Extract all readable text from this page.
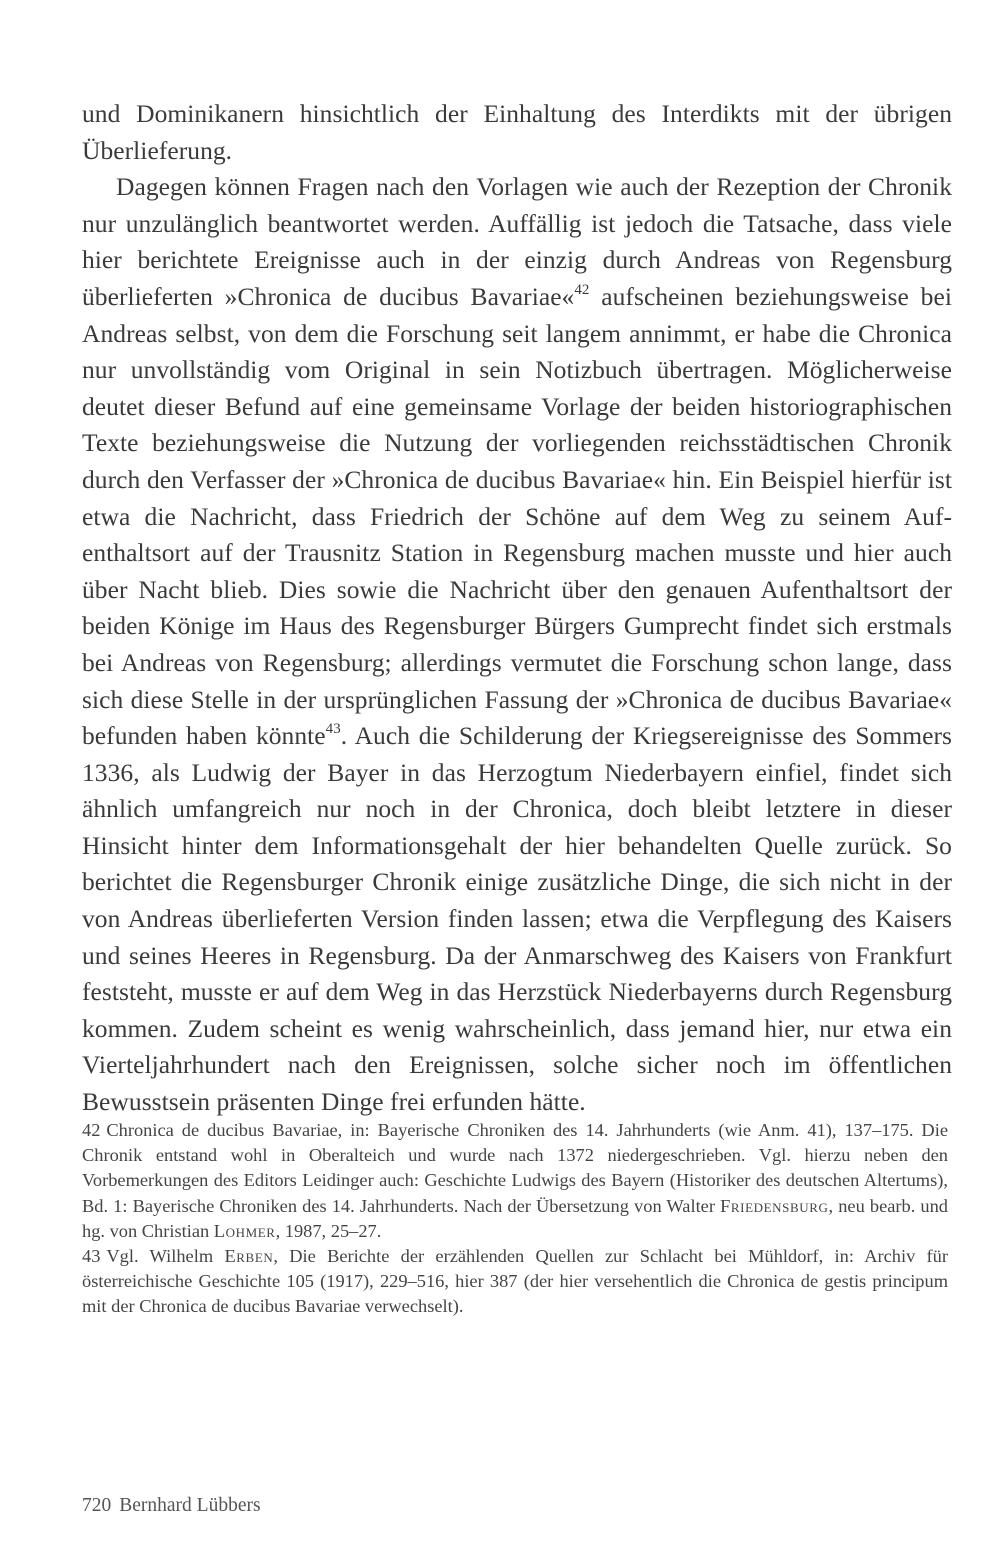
und Dominikanern hinsichtlich der Einhaltung des Interdikts mit der übrigen Überlieferung.

Dagegen können Fragen nach den Vorlagen wie auch der Rezeption der Chronik nur unzulänglich beantwortet werden. Auffällig ist jedoch die Tatsache, dass viele hier berichtete Ereignisse auch in der einzig durch Andreas von Regensburg überlieferten »Chronica de ducibus Bavariae«$^{42}$ aufscheinen beziehungsweise bei Andreas selbst, von dem die Forschung seit langem annimmt, er habe die Chronica nur unvollständig vom Original in sein Notizbuch übertragen. Möglicherweise deutet dieser Befund auf eine gemeinsame Vorlage der beiden historiographischen Texte beziehungsweise die Nutzung der vorliegenden reichsstädtischen Chronik durch den Verfasser der »Chronica de ducibus Bavariae« hin. Ein Beispiel hierfür ist etwa die Nachricht, dass Friedrich der Schöne auf dem Weg zu seinem Aufenthaltsort auf der Trausnitz Station in Regensburg machen musste und hier auch über Nacht blieb. Dies sowie die Nachricht über den genauen Aufenthaltsort der beiden Könige im Haus des Regensburger Bürgers Gumprecht findet sich erstmals bei Andreas von Regensburg; allerdings vermutet die Forschung schon lange, dass sich diese Stelle in der ursprünglichen Fassung der »Chronica de ducibus Bavariae« befunden haben könnte$^{43}$. Auch die Schilderung der Kriegsereignisse des Sommers 1336, als Ludwig der Bayer in das Herzogtum Niederbayern einfiel, findet sich ähnlich umfangreich nur noch in der Chronica, doch bleibt letztere in dieser Hinsicht hinter dem Informationsgehalt der hier behandelten Quelle zurück. So berichtet die Regensburger Chronik einige zusätzliche Dinge, die sich nicht in der von Andreas überlieferten Version finden lassen; etwa die Verpflegung des Kaisers und seines Heeres in Regensburg. Da der Anmarschweg des Kaisers von Frankfurt feststeht, musste er auf dem Weg in das Herzstück Niederbayerns durch Regensburg kommen. Zudem scheint es wenig wahrscheinlich, dass jemand hier, nur etwa ein Vierteljahrhundert nach den Ereignissen, solche sicher noch im öffentlichen Bewusstsein präsenten Dinge frei erfunden hätte.

42 Chronica de ducibus Bavariae, in: Bayerische Chroniken des 14. Jahrhunderts (wie Anm. 41), 137–175. Die Chronik entstand wohl in Oberalteich und wurde nach 1372 niedergeschrieben. Vgl. hierzu neben den Vorbemerkungen des Editors Leidinger auch: Geschichte Ludwigs des Bayern (Historiker des deutschen Altertums), Bd. 1: Bayerische Chroniken des 14. Jahrhunderts. Nach der Übersetzung von Walter Friedensburg, neu bearb. und hg. von Christian Lohmer, 1987, 25–27.

43 Vgl. Wilhelm Erben, Die Berichte der erzählenden Quellen zur Schlacht bei Mühldorf, in: Archiv für österreichische Geschichte 105 (1917), 229–516, hier 387 (der hier versehentlich die Chronica de gestis principum mit der Chronica de ducibus Bavariae verwechselt).

720 Bernhard Lübbers
